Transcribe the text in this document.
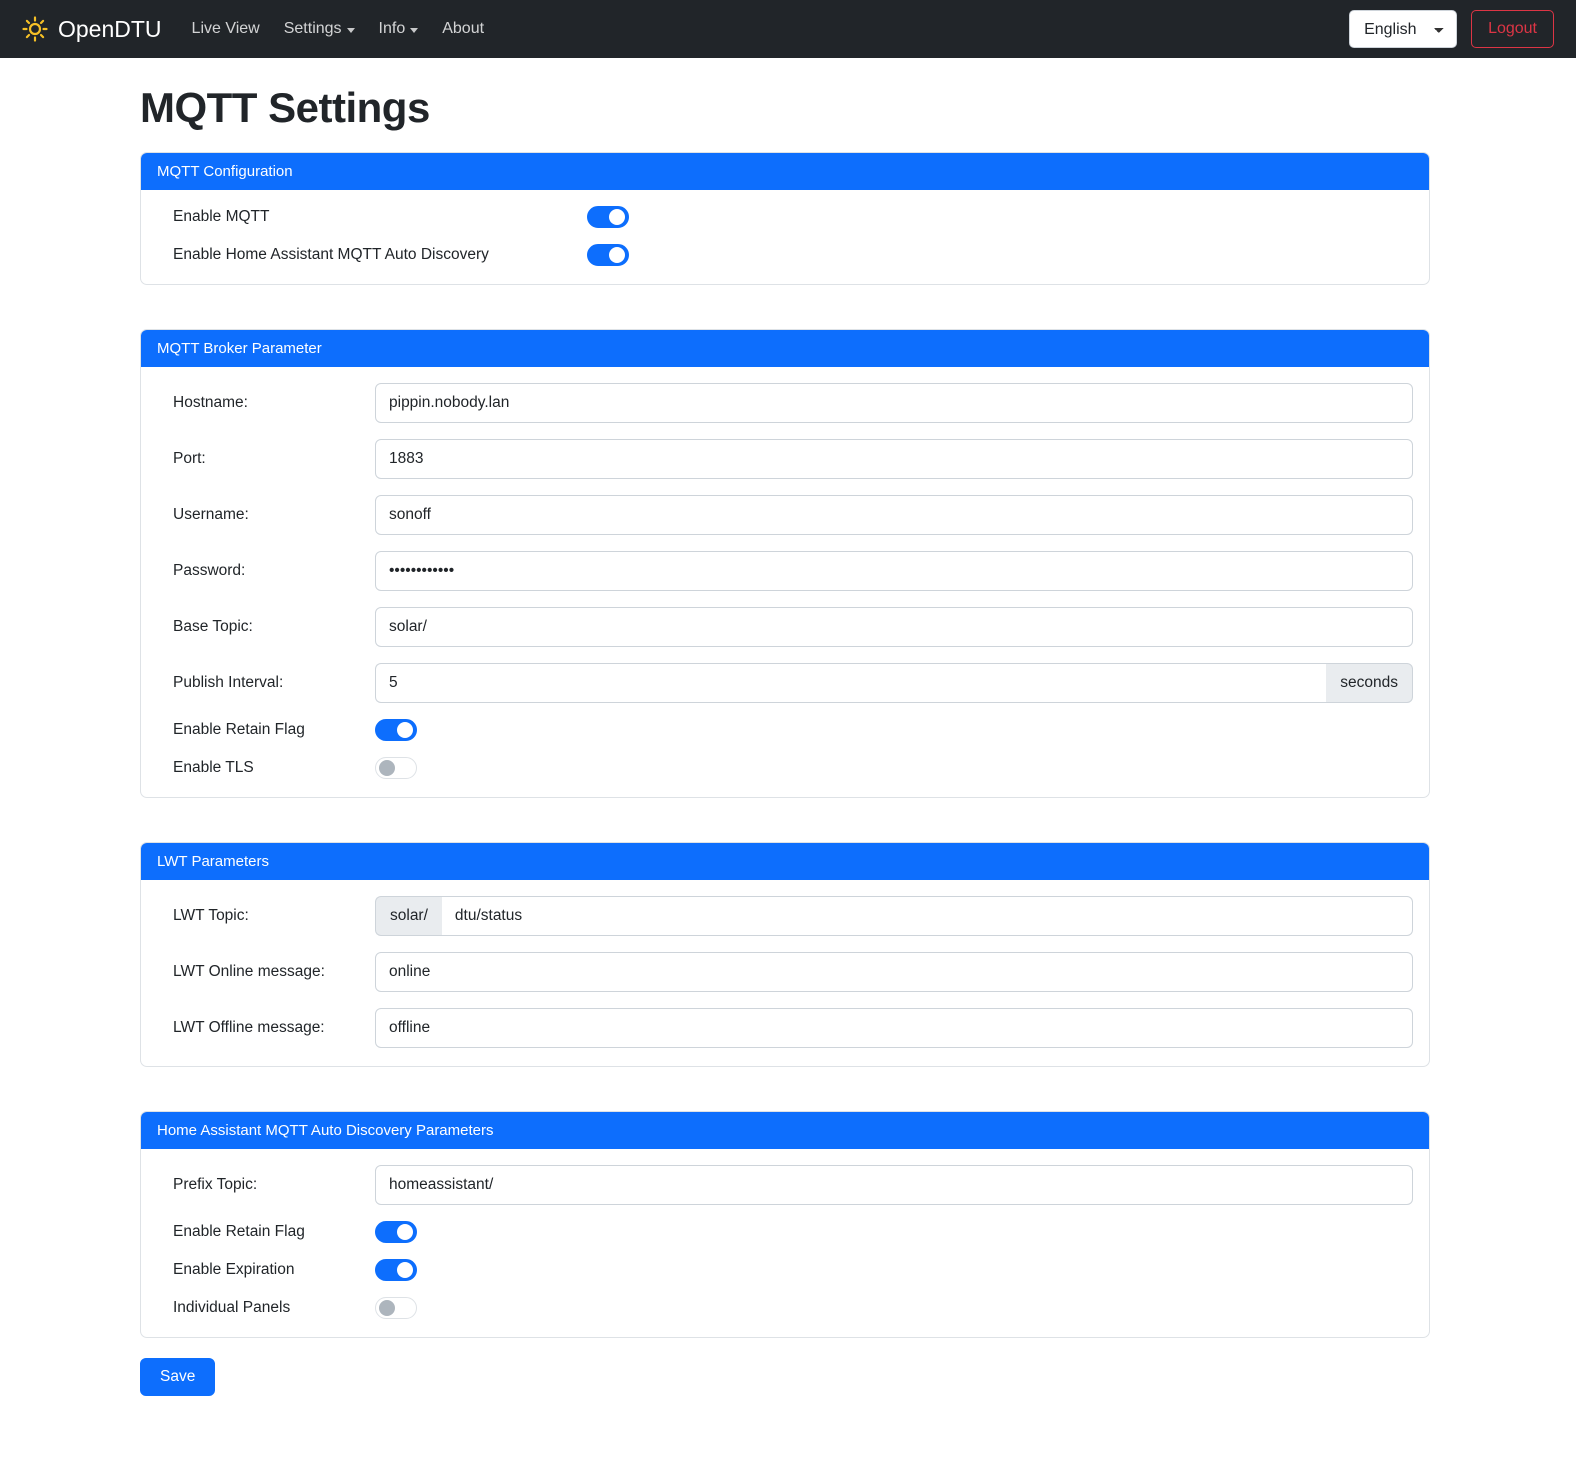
OpenDTU Live View Settings Info About
English	Logout
MQTT Settings
MQTT Configuration
Enable MQTT
Enable Home Assistant MQTT Auto Discovery
MQTT Broker Parameter
Hostname:
pippin.nobody.lan
Port:
1883
Username:
sonoff
Password:
••••••••••••
Base Topic:
solar/
Publish Interval:
5	seconds
Enable Retain Flag
Enable TLS
LWT Parameters
LWT Topic:	solar/
dtu/status
LWT Online message:
online
LWT Offline message:
offline
Home Assistant MQTT Auto Discovery Parameters
Prefix Topic:
homeassistant/
Enable Retain Flag
Enable Expiration
Individual Panels
Save
